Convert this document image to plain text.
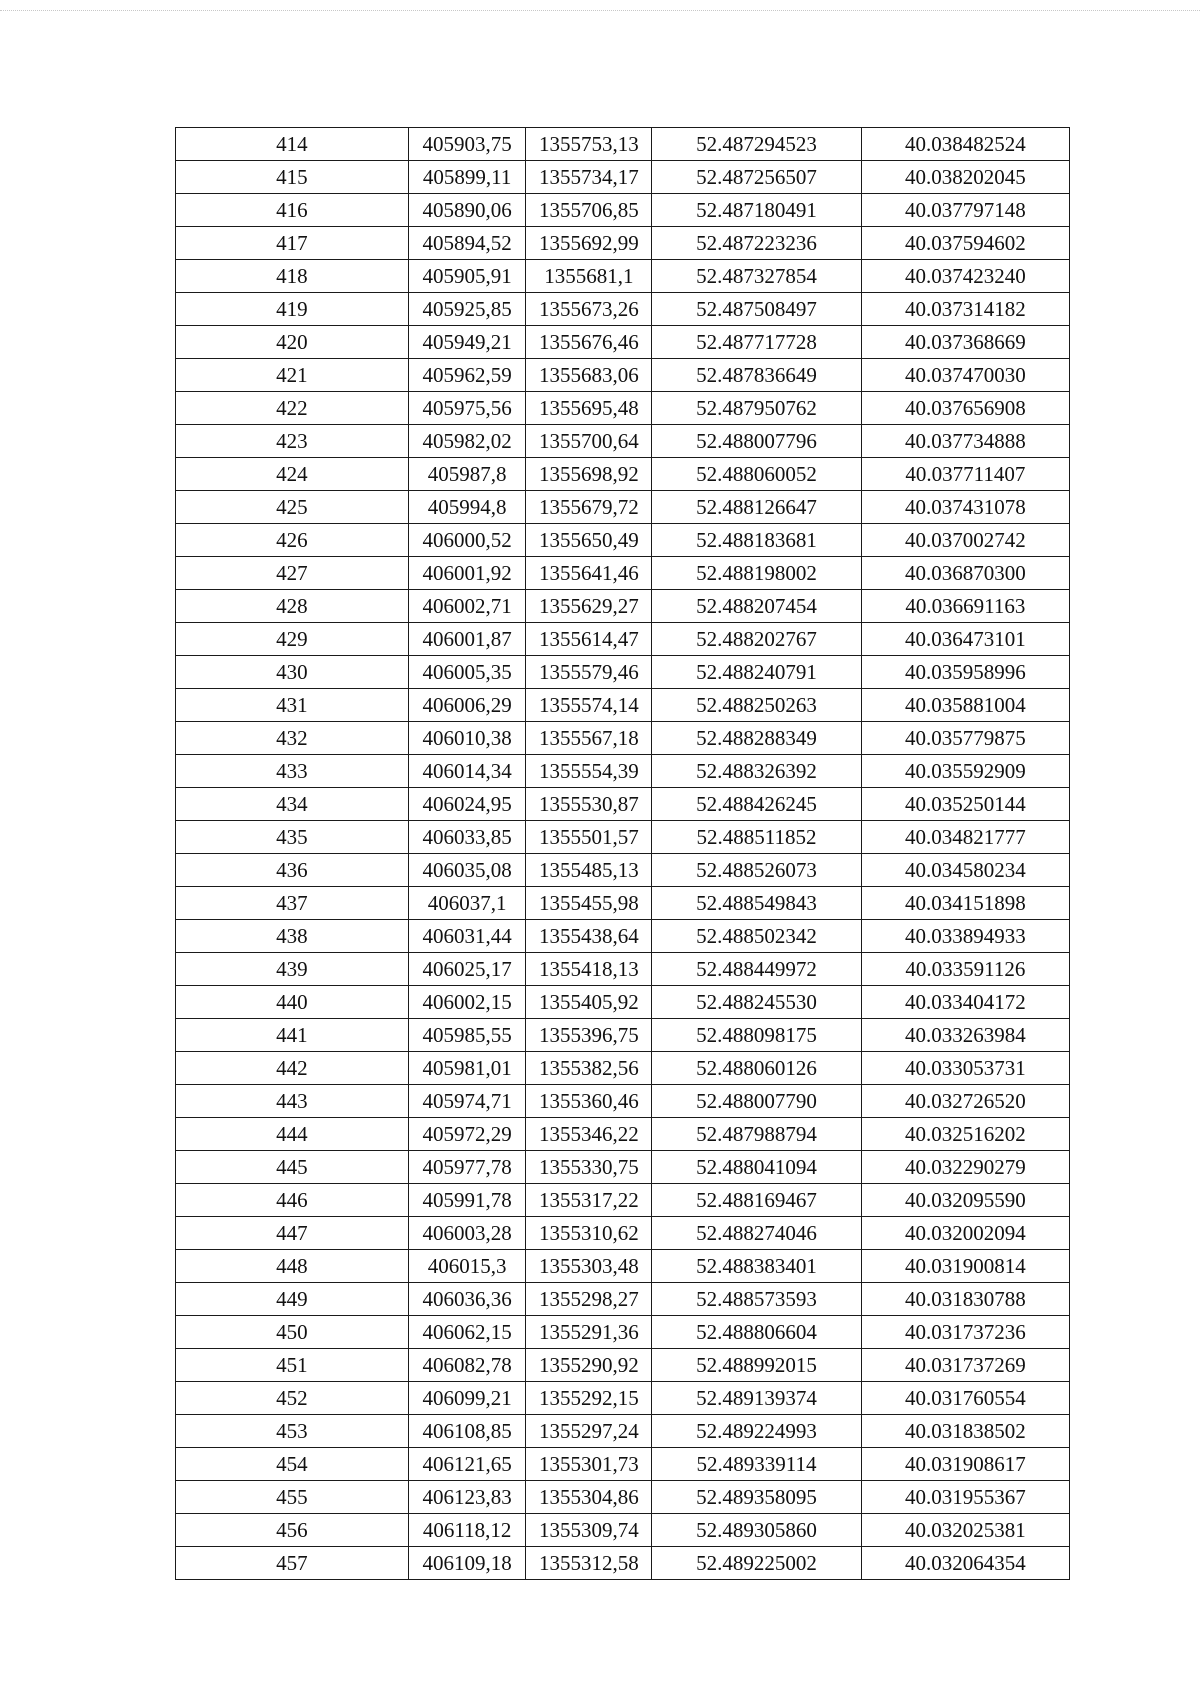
414	405903,75	1355753,13	52.487294523	40.038482524
415	405899,11	1355734,17	52.487256507	40.038202045
416	405890,06	1355706,85	52.487180491	40.037797148
417	405894,52	1355692,99	52.487223236	40.037594602
418	405905,91	1355681,1	52.487327854	40.037423240
419	405925,85	1355673,26	52.487508497	40.037314182
420	405949,21	1355676,46	52.487717728	40.037368669
421	405962,59	1355683,06	52.487836649	40.037470030
422	405975,56	1355695,48	52.487950762	40.037656908
423	405982,02	1355700,64	52.488007796	40.037734888
424	405987,8	1355698,92	52.488060052	40.037711407
425	405994,8	1355679,72	52.488126647	40.037431078
426	406000,52	1355650,49	52.488183681	40.037002742
427	406001,92	1355641,46	52.488198002	40.036870300
428	406002,71	1355629,27	52.488207454	40.036691163
429	406001,87	1355614,47	52.488202767	40.036473101
430	406005,35	1355579,46	52.488240791	40.035958996
431	406006,29	1355574,14	52.488250263	40.035881004
432	406010,38	1355567,18	52.488288349	40.035779875
433	406014,34	1355554,39	52.488326392	40.035592909
434	406024,95	1355530,87	52.488426245	40.035250144
435	406033,85	1355501,57	52.488511852	40.034821777
436	406035,08	1355485,13	52.488526073	40.034580234
437	406037,1	1355455,98	52.488549843	40.034151898
438	406031,44	1355438,64	52.488502342	40.033894933
439	406025,17	1355418,13	52.488449972	40.033591126
440	406002,15	1355405,92	52.488245530	40.033404172
441	405985,55	1355396,75	52.488098175	40.033263984
442	405981,01	1355382,56	52.488060126	40.033053731
443	405974,71	1355360,46	52.488007790	40.032726520
444	405972,29	1355346,22	52.487988794	40.032516202
445	405977,78	1355330,75	52.488041094	40.032290279
446	405991,78	1355317,22	52.488169467	40.032095590
447	406003,28	1355310,62	52.488274046	40.032002094
448	406015,3	1355303,48	52.488383401	40.031900814
449	406036,36	1355298,27	52.488573593	40.031830788
450	406062,15	1355291,36	52.488806604	40.031737236
451	406082,78	1355290,92	52.488992015	40.031737269
452	406099,21	1355292,15	52.489139374	40.031760554
453	406108,85	1355297,24	52.489224993	40.031838502
454	406121,65	1355301,73	52.489339114	40.031908617
455	406123,83	1355304,86	52.489358095	40.031955367
456	406118,12	1355309,74	52.489305860	40.032025381
457	406109,18	1355312,58	52.489225002	40.032064354
